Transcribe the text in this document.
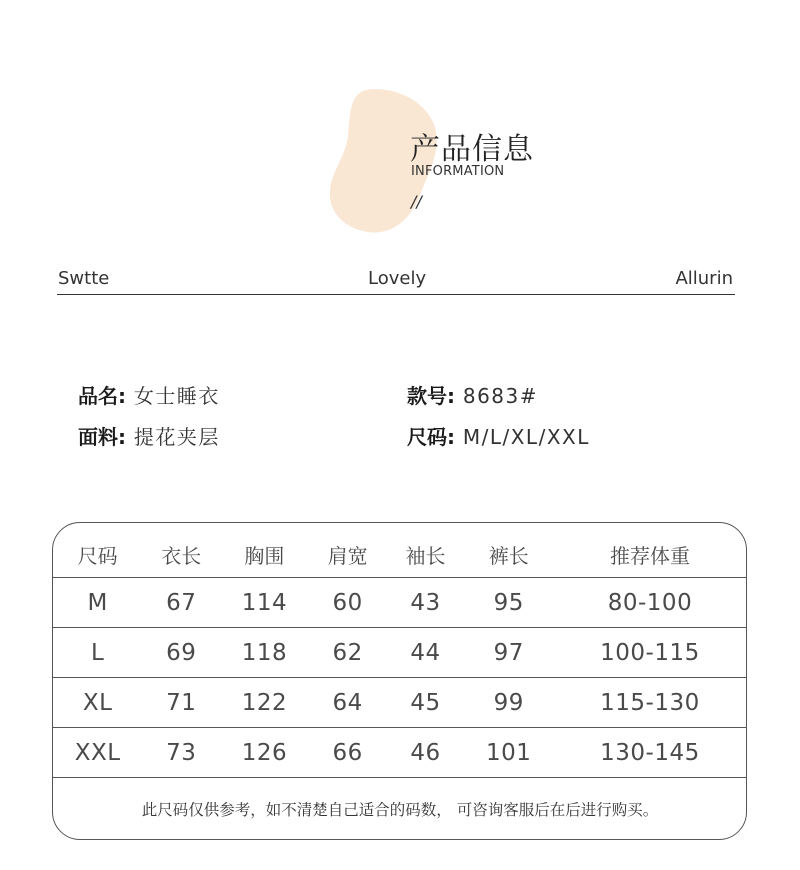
产品信息
INFORMATION
//
Swtte	Lovely	Allurin
品名: 女士睡衣	款号: 8683#
面料: 提花夹层	尺码: M/L/XL/XXL
尺码	衣长	胸围	肩宽	袖长	裤长	推荐体重
M	67	114	60	43	95	80-100
L	69	118	62	44	97	100-115
XL	71	122	64	45	99	115-130
XXL	73	126	66	46	101	130-145
此尺码仅供参考，如不清楚自己适合的码数， 可咨询客服后在后进行购买。
